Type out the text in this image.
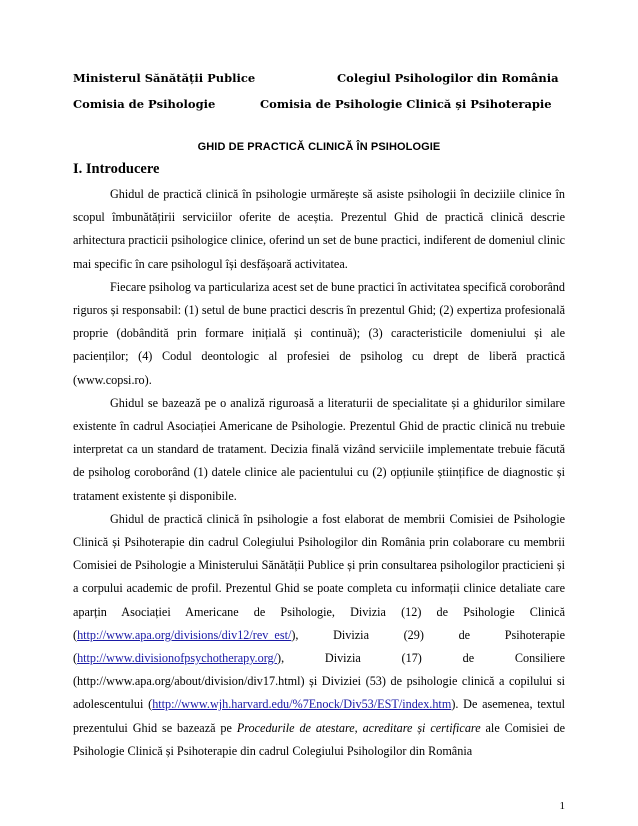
Ministerul Sănătății Publice	Colegiul Psihologilor din România
Comisia de Psihologie	Comisia de Psihologie Clinică și Psihoterapie
GHID DE PRACTICĂ CLINICĂ ÎN PSIHOLOGIE
I. Introducere

Ghidul de practică clinică în psihologie urmărește să asiste psihologii în deciziile clinice în scopul îmbunătățirii serviciilor oferite de aceștia. Prezentul Ghid de practică clinică descrie arhitectura practicii psihologice clinice, oferind un set de bune practici, indiferent de domeniul clinic mai specific în care psihologul își desfășoară activitatea.

Fiecare psiholog va particulariza acest set de bune practici în activitatea specifică coroborând riguros și responsabil: (1) setul de bune practici descris în prezentul Ghid; (2) expertiza profesională proprie (dobândită prin formare inițială și continuă); (3) caracteristicile domeniului și ale pacienților; (4) Codul deontologic al profesiei de psiholog cu drept de liberă practică (www.copsi.ro).

Ghidul se bazează pe o analiză riguroasă a literaturii de specialitate și a ghidurilor similare existente în cadrul Asociației Americane de Psihologie. Prezentul Ghid de practic clinică nu trebuie interpretat ca un standard de tratament. Decizia finală vizând serviciile implementate trebuie făcută de psiholog coroborând (1) datele clinice ale pacientului cu (2) opțiunile științifice de diagnostic și tratament existente și disponibile.

Ghidul de practică clinică în psihologie a fost elaborat de membrii Comisiei de Psihologie Clinică și Psihoterapie din cadrul Colegiului Psihologilor din România prin colaborare cu membrii Comisiei de Psihologie a Ministerului Sănătății Publice și prin consultarea psihologilor practicieni și a corpului academic de profil. Prezentul Ghid se poate completa cu informații clinice detaliate care aparțin Asociației Americane de Psihologie, Divizia (12) de Psihologie Clinică (http://www.apa.org/divisions/div12/rev_est/), Divizia (29) de Psihoterapie (http://www.divisionofpsychotherapy.org/), Divizia (17) de Consiliere (http://www.apa.org/about/division/div17.html) și Diviziei (53) de psihologie clinică a copilului si adolescentului (http://www.wjh.harvard.edu/%7Enock/Div53/EST/index.htm). De asemenea, textul prezentului Ghid se bazează pe Procedurile de atestare, acreditare și certificare ale Comisiei de Psihologie Clinică și Psihoterapie din cadrul Colegiului Psihologilor din România

1
